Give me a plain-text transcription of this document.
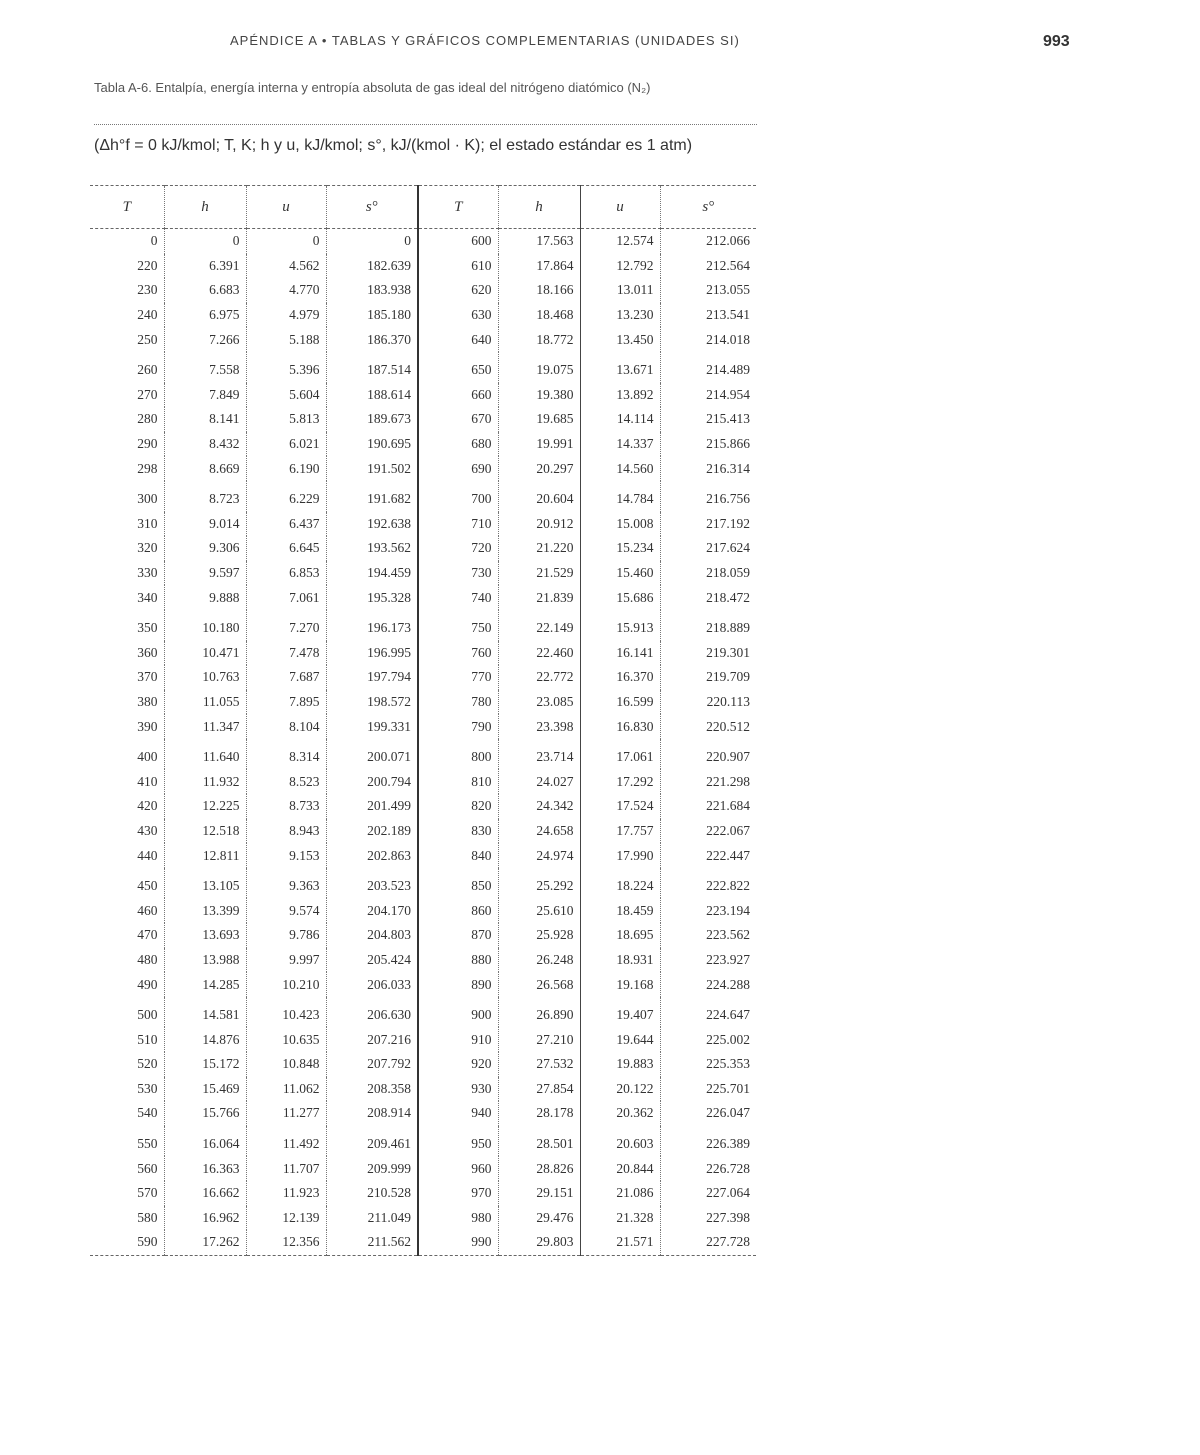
APÉNDICE A • TABLAS Y GRÁFICOS COMPLEMENTARIAS (UNIDADES SI)	993
Tabla A-6. Entalpía, energía interna y entropía absoluta de gas ideal del nitrógeno diatómico (N₂)
(Δh°f = 0 kJ/kmol; T, K; h y u, kJ/kmol; s°, kJ/(kmol · K); el estado estándar es 1 atm)
T	h	u	s°	T	h	u	s°
0	0	0	0	600	17.563	12.574	212.066
220	6.391	4.562	182.639	610	17.864	12.792	212.564
230	6.683	4.770	183.938	620	18.166	13.011	213.055
240	6.975	4.979	185.180	630	18.468	13.230	213.541
250	7.266	5.188	186.370	640	18.772	13.450	214.018
260	7.558	5.396	187.514	650	19.075	13.671	214.489
270	7.849	5.604	188.614	660	19.380	13.892	214.954
280	8.141	5.813	189.673	670	19.685	14.114	215.413
290	8.432	6.021	190.695	680	19.991	14.337	215.866
298	8.669	6.190	191.502	690	20.297	14.560	216.314
300	8.723	6.229	191.682	700	20.604	14.784	216.756
310	9.014	6.437	192.638	710	20.912	15.008	217.192
320	9.306	6.645	193.562	720	21.220	15.234	217.624
330	9.597	6.853	194.459	730	21.529	15.460	218.059
340	9.888	7.061	195.328	740	21.839	15.686	218.472
350	10.180	7.270	196.173	750	22.149	15.913	218.889
360	10.471	7.478	196.995	760	22.460	16.141	219.301
370	10.763	7.687	197.794	770	22.772	16.370	219.709
380	11.055	7.895	198.572	780	23.085	16.599	220.113
390	11.347	8.104	199.331	790	23.398	16.830	220.512
400	11.640	8.314	200.071	800	23.714	17.061	220.907
410	11.932	8.523	200.794	810	24.027	17.292	221.298
420	12.225	8.733	201.499	820	24.342	17.524	221.684
430	12.518	8.943	202.189	830	24.658	17.757	222.067
440	12.811	9.153	202.863	840	24.974	17.990	222.447
450	13.105	9.363	203.523	850	25.292	18.224	222.822
460	13.399	9.574	204.170	860	25.610	18.459	223.194
470	13.693	9.786	204.803	870	25.928	18.695	223.562
480	13.988	9.997	205.424	880	26.248	18.931	223.927
490	14.285	10.210	206.033	890	26.568	19.168	224.288
500	14.581	10.423	206.630	900	26.890	19.407	224.647
510	14.876	10.635	207.216	910	27.210	19.644	225.002
520	15.172	10.848	207.792	920	27.532	19.883	225.353
530	15.469	11.062	208.358	930	27.854	20.122	225.701
540	15.766	11.277	208.914	940	28.178	20.362	226.047
550	16.064	11.492	209.461	950	28.501	20.603	226.389
560	16.363	11.707	209.999	960	28.826	20.844	226.728
570	16.662	11.923	210.528	970	29.151	21.086	227.064
580	16.962	12.139	211.049	980	29.476	21.328	227.398
590	17.262	12.356	211.562	990	29.803	21.571	227.728
